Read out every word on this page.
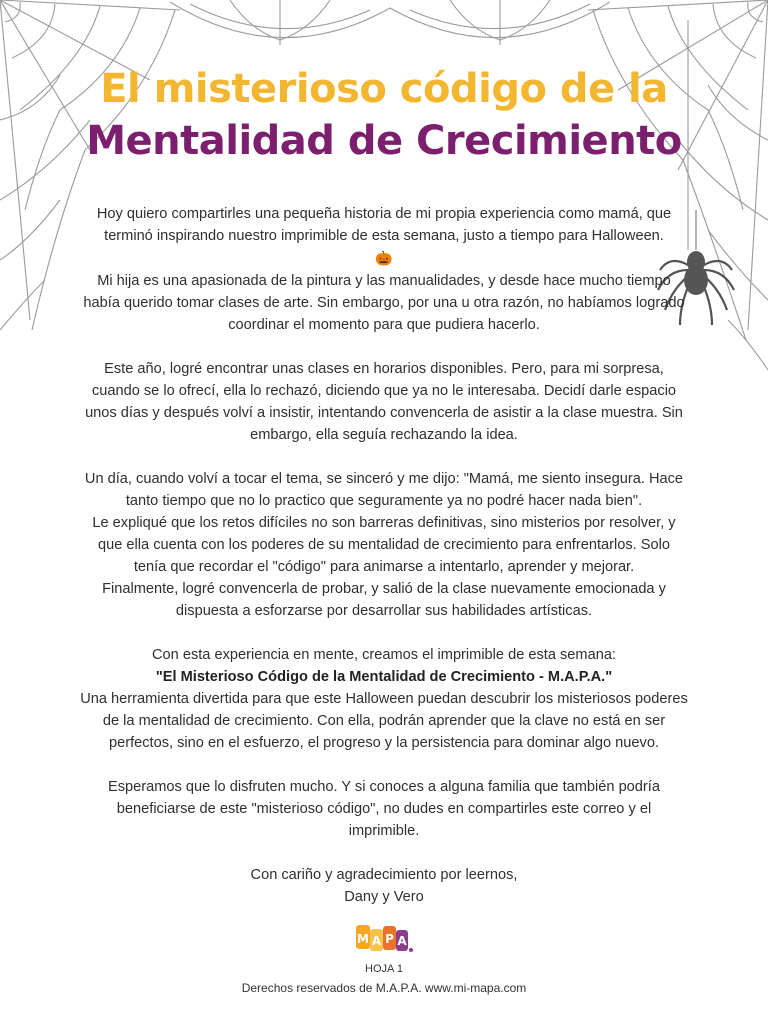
El misterioso código de la
Mentalidad de Crecimiento

Hoy quiero compartirles una pequeña historia de mi propia experiencia como mamá, que terminó inspirando nuestro imprimible de esta semana, justo a tiempo para Halloween.

🎃

Mi hija es una apasionada de la pintura y las manualidades, y desde hace mucho tiempo había querido tomar clases de arte. Sin embargo, por una u otra razón, no habíamos logrado coordinar el momento para que pudiera hacerlo.

Este año, logré encontrar unas clases en horarios disponibles. Pero, para mi sorpresa, cuando se lo ofrecí, ella lo rechazó, diciendo que ya no le interesaba. Decidí darle espacio unos días y después volví a insistir, intentando convencerla de asistir a la clase muestra. Sin embargo, ella seguía rechazando la idea.

Un día, cuando volví a tocar el tema, se sinceró y me dijo: "Mamá, me siento insegura. Hace tanto tiempo que no lo practico que seguramente ya no podré hacer nada bien".

Le expliqué que los retos difíciles no son barreras definitivas, sino misterios por resolver, y que ella cuenta con los poderes de su mentalidad de crecimiento para enfrentarlos. Solo tenía que recordar el "código" para animarse a intentarlo, aprender y mejorar.

Finalmente, logré convencerla de probar, y salió de la clase nuevamente emocionada y dispuesta a esforzarse por desarrollar sus habilidades artísticas.

Con esta experiencia en mente, creamos el imprimible de esta semana:

"El Misterioso Código de la Mentalidad de Crecimiento - M.A.P.A."

Una herramienta divertida para que este Halloween puedan descubrir los misteriosos poderes de la mentalidad de crecimiento. Con ella, podrán aprender que la clave no está en ser perfectos, sino en el esfuerzo, el progreso y la persistencia para dominar algo nuevo.

Esperamos que lo disfruten mucho. Y si conoces a alguna familia que también podría beneficiarse de este "misterioso código", no dudes en compartirles este correo y el imprimible.

Con cariño y agradecimiento por leernos,

Dany y Vero

M A P A
HOJA 1
Derechos reservados de M.A.P.A. www.mi-mapa.com
